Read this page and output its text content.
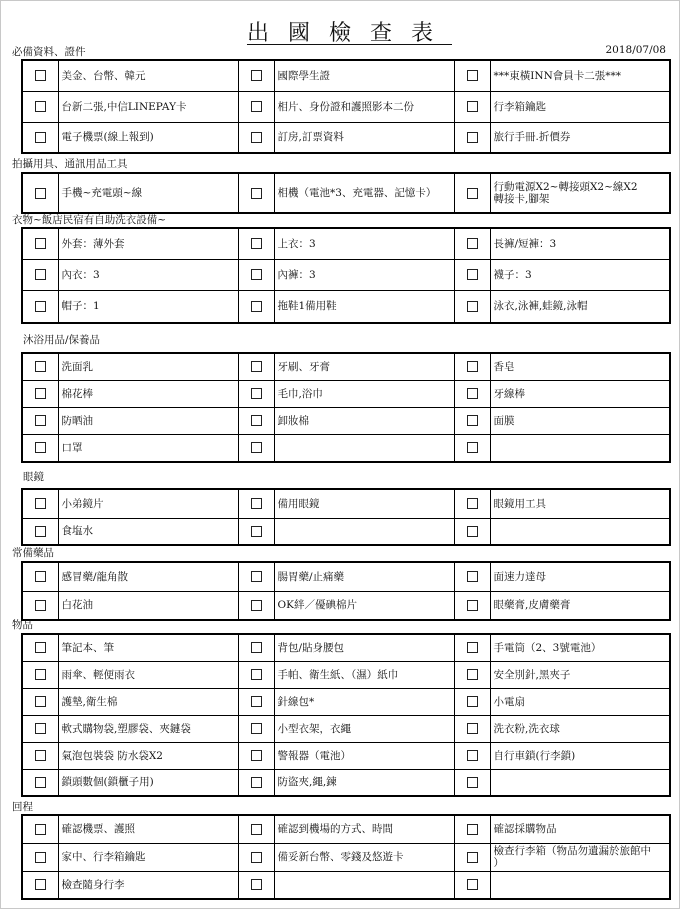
出國檢查表
2018/07/08
必備資料、證件
	美金、台幣、韓元		國際學生證		***東橫INN會員卡二張***
	台新二張,中信LINEPAY卡		相片、身份證和護照影本二份		行李箱鑰匙
	電子機票(線上報到)		訂房,訂票資料		旅行手冊.折價券
拍攝用具、通訊用品工具
	手機~充電頭~線		相機（電池*3、充電器、記憶卡）		行動電源X2~轉接頭X2~線X2
轉接卡,腳架
衣物~飯店民宿有自助洗衣設備~
	外套：薄外套		上衣：3		長褲/短褲：3
	內衣：3		內褲：3		襪子：3
	帽子：1		拖鞋1備用鞋		泳衣,泳褲,蛙鏡,泳帽
沐浴用品/保養品
	洗面乳		牙刷、牙膏		香皂
	棉花棒		毛巾,浴巾		牙線棒
	防晒油		卸妝棉		面膜
	口罩				
眼鏡
	小弟鏡片		備用眼鏡		眼鏡用工具
	食塩水				
常備藥品
	感冒藥/龍角散		腸胃藥/止痛藥		面速力達母
	白花油		OK絆／優碘棉片		眼藥膏,皮膚藥膏
物品
	筆記本、筆		背包/貼身腰包		手電筒（2、3號電池）
	雨傘、輕便雨衣		手帕、衛生紙、（濕）紙巾		安全別針,黑夾子
	護墊,衛生棉		針線包*		小電扇
	軟式購物袋,塑膠袋、夾鏈袋		小型衣架，衣繩		洗衣粉,洗衣球
	氣泡包裝袋 防水袋X2		警報器（電池）		自行車鎖(行李鎖)
	鎖頭數個(鎖櫃子用)		防盜夾,繩,鍊		
回程
	確認機票、護照		確認到機場的方式、時間		確認採購物品
	家中、行李箱鑰匙		備妥新台幣、零錢及悠遊卡		檢查行李箱（物品勿遺漏於旅館中
）
	檢查隨身行李				
